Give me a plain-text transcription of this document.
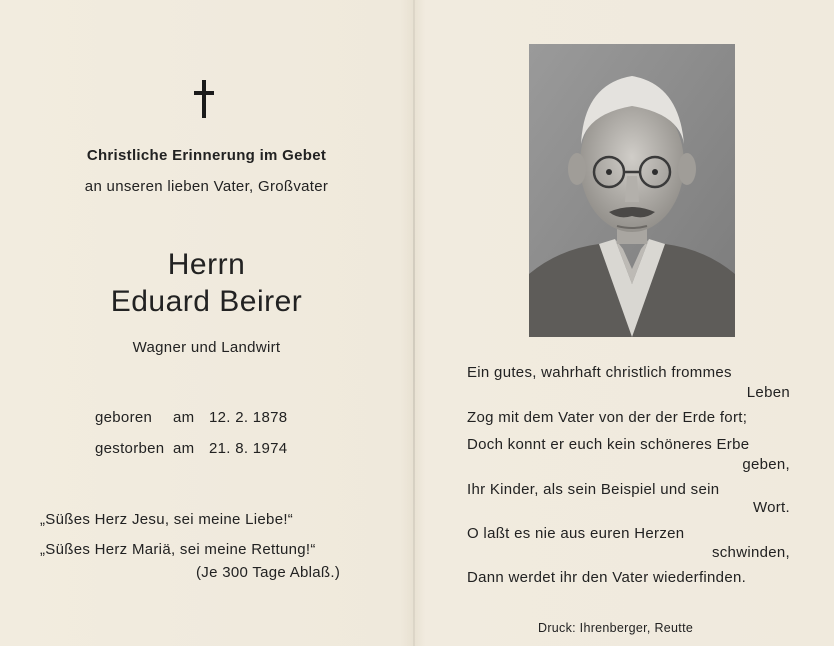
Christliche Erinnerung im Gebet
an unseren lieben Vater, Großvater
Herrn
Eduard Beirer
Wagner und Landwirt
geboren am 12. 2. 1878
gestorben am 21. 8. 1974
„Süßes Herz Jesu, sei meine Liebe!“
„Süßes Herz Mariä, sei meine Rettung!“
(Je 300 Tage Ablaß.)
Ein gutes, wahrhaft christlich frommes
Leben
Zog mit dem Vater von der der Erde fort;
Doch konnt er euch kein schöneres Erbe
geben,
Ihr Kinder, als sein Beispiel und sein
Wort.
O laßt es nie aus euren Herzen
schwinden,
Dann werdet ihr den Vater wiederfinden.
Druck: Ihrenberger, Reutte
